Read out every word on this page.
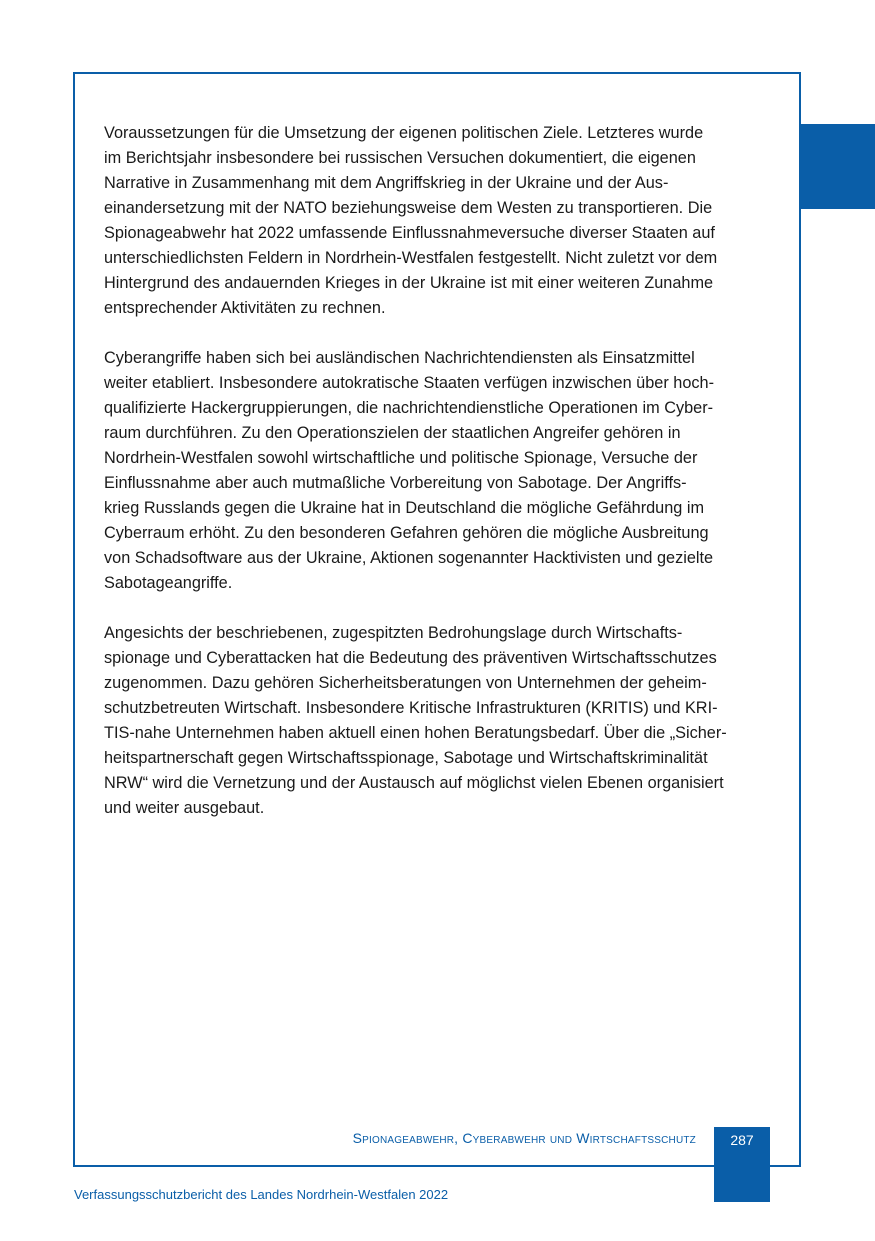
Voraussetzungen für die Umsetzung der eigenen politischen Ziele. Letzteres wurde
im Berichtsjahr insbesondere bei russischen Versuchen dokumentiert, die eigenen
Narrative in Zusammenhang mit dem Angriffskrieg in der Ukraine und der Aus-
einandersetzung mit der NATO beziehungsweise dem Westen zu transportieren. Die
Spionageabwehr hat 2022 umfassende Einflussnahmeversuche diverser Staaten auf
unterschiedlichsten Feldern in Nordrhein-Westfalen festgestellt. Nicht zuletzt vor dem
Hintergrund des andauernden Krieges in der Ukraine ist mit einer weiteren Zunahme
entsprechender Aktivitäten zu rechnen.

Cyberangriffe haben sich bei ausländischen Nachrichtendiensten als Einsatzmittel
weiter etabliert. Insbesondere autokratische Staaten verfügen inzwischen über hoch-
qualifizierte Hackergruppierungen, die nachrichtendienstliche Operationen im Cyber-
raum durchführen. Zu den Operationszielen der staatlichen Angreifer gehören in
Nordrhein-Westfalen sowohl wirtschaftliche und politische Spionage, Versuche der
Einflussnahme aber auch mutmaßliche Vorbereitung von Sabotage. Der Angriffs-
krieg Russlands gegen die Ukraine hat in Deutschland die mögliche Gefährdung im
Cyberraum erhöht. Zu den besonderen Gefahren gehören die mögliche Ausbreitung
von Schadsoftware aus der Ukraine, Aktionen sogenannter Hacktivisten und gezielte
Sabotageangriffe.

Angesichts der beschriebenen, zugespitzten Bedrohungslage durch Wirtschafts-
spionage und Cyberattacken hat die Bedeutung des präventiven Wirtschaftsschutzes
zugenommen. Dazu gehören Sicherheitsberatungen von Unternehmen der geheim-
schutzbetreuten Wirtschaft. Insbesondere Kritische Infrastrukturen (KRITIS) und KRI-
TIS-nahe Unternehmen haben aktuell einen hohen Beratungsbedarf. Über die „Sicher-
heitspartnerschaft gegen Wirtschaftsspionage, Sabotage und Wirtschaftskriminalität
NRW“ wird die Vernetzung und der Austausch auf möglichst vielen Ebenen organisiert
und weiter ausgebaut.

Spionageabwehr, Cyberabwehr und Wirtschaftsschutz	287
Verfassungsschutzbericht des Landes Nordrhein-Westfalen 2022
